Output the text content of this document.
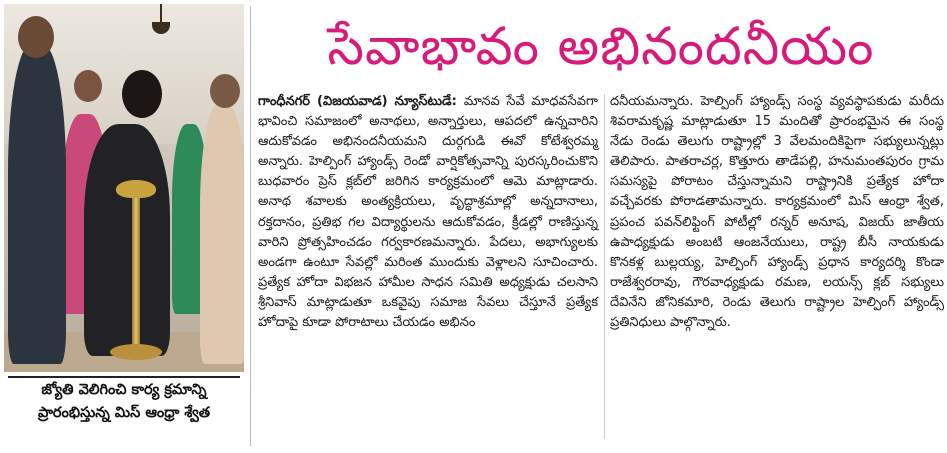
జ్యోతి వెలిగించి కార్య క్రమాన్ని
ప్రారంభిస్తున్న మిస్ ఆంధ్రా శ్వేత
సేవాభావం అభినందనీయం
గాంధీనగర్ (విజయవాడ) న్యూస్‌టుడే: మానవ సేవే మాధవసేవగా భావించి సమాజంలో అనాథలు, అన్నార్తులు, ఆపదలో ఉన్నవారిని ఆదుకోవడం అభినందనీయమని దుర్గగుడి ఈవో కోటేశ్వరమ్మ అన్నారు. హెల్పింగ్ హ్యాండ్స్ రెండో వార్షికోత్సవాన్ని పురస్కరించుకొని బుధవారం ప్రెస్ క్లబ్‌లో జరిగిన కార్యక్రమంలో ఆమె మాట్లాడారు. అనాథ శవాలకు అంత్యక్రియలు, వృద్ధాశ్రమాల్లో అన్నదానాలు, రక్తదానం, ప్రతిభ గల విద్యార్థులను ఆదుకోవడం, క్రీడల్లో రాణిస్తున్న వారిని ప్రోత్సహించడం గర్వకారణమన్నారు. పేదలు, అభాగ్యులకు అండగా ఉంటూ సేవల్లో మరింత ముందుకు వెళ్లాలని సూచించారు. ప్రత్యేక హోదా విభజన హామీల సాధన సమితి అధ్యక్షుడు చలసాని శ్రీనివాస్ మాట్లాడుతూ ఒకవైపు సమాజ సేవలు చేస్తూనే ప్రత్యేక హోదాపై కూడా పోరాటాలు చేయడం అభినం
దనీయమన్నారు. హెల్పింగ్ హ్యాండ్స్ సంస్థ వ్యవస్థాపకుడు మరీదు శివరామకృష్ణ మాట్లాడుతూ 15 మందితో ప్రారంభమైన ఈ సంస్థ నేడు రెండు తెలుగు రాష్ట్రాల్లో 3 వేలమందికిపైగా సభ్యులున్నట్లు తెలిపారు. పాతరాచర్ల, కొత్తూరు తాడేపల్లి, హనుమంతపురం గ్రామ సమస్యపై పోరాటం చేస్తున్నామని రాష్ట్రానికి ప్రత్యేక హోదా వచ్చేవరకు పోరాడతామన్నారు. కార్యక్రమంలో మిస్ ఆంధ్రా శ్వేత, ప్రపంచ పవన్‌లిఫ్టింగ్ పోటీల్లో రన్నర్ అనూష, విజయ్ జాతీయ ఉపాధ్యక్షుడు అంబటి ఆంజనేయులు, రాష్ట్ర బీసీ నాయకుడు కొనకళ్ల బుల్లయ్య, హెల్పింగ్ హ్యాండ్స్ ప్రధాన కార్యదర్శి కొండా రాజేశ్వరరావు, గౌరవాధ్యక్షుడు రమణ, లయన్స్ క్లబ్ సభ్యులు దేవినేని జోనికమారి, రెండు తెలుగు రాష్ట్రాల హెల్పింగ్ హ్యాండ్స్ ప్రతినిధులు పాల్గొన్నారు.
